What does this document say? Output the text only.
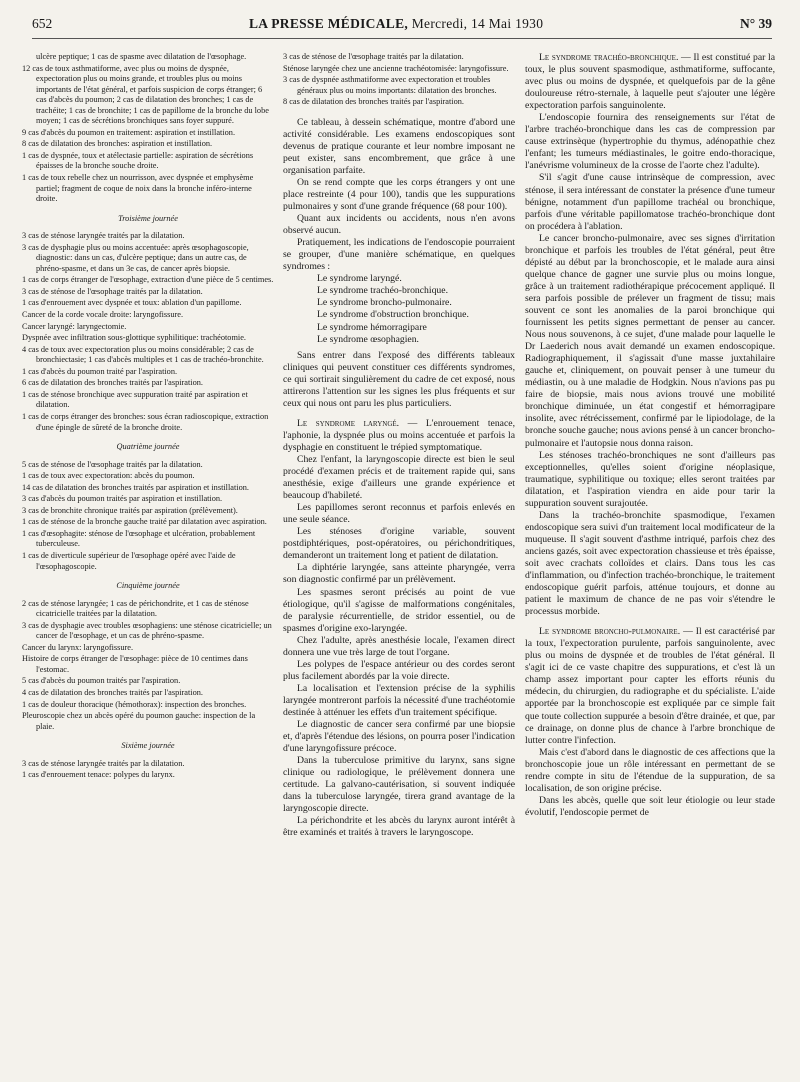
652	LA PRESSE MÉDICALE, Mercredi, 14 Mai 1930	N° 39
ulcère peptique; 1 cas de spasme avec dilatation de l'œsophage.
12 cas de toux asthmatiforme, avec plus ou moins de dyspnée, expectoration plus ou moins grande, et troubles plus ou moins importants de l'état général, et parfois suspicion de corps étranger; 6 cas d'abcès du poumon; 2 cas de dilatation des bronches; 1 cas de trachéite; 1 cas de bronchite; 1 cas de papillome de la bronche du lobe moyen; 1 cas de sécrétions bronchiques sans foyer suppuré.
9 cas d'abcès du poumon en traitement: aspiration et instillation.
8 cas de dilatation des bronches: aspiration et instillation.
1 cas de dyspnée, toux et atélectasie partielle: aspiration de sécrétions épaisses de la bronche souche droite.
1 cas de toux rebelle chez un nourrisson, avec dyspnée et emphysème partiel; fragment de coque de noix dans la bronche inféro-interne droite.
Troisième journée
3 cas de sténose laryngée traités par la dilatation.
3 cas de dysphagie plus ou moins accentuée: après œsophagoscopie, diagnostic: dans un cas, d'ulcère peptique; dans un autre cas, de phréno-spasme, et dans un 3e cas, de cancer après biopsie.
1 cas de corps étranger de l'œsophage, extraction d'une pièce de 5 centimes.
3 cas de sténose de l'œsophage traités par la dilatation.
1 cas d'enrouement avec dyspnée et toux: ablation d'un papillome.
Cancer de la corde vocale droite: laryngofissure.
Cancer laryngé: laryngectomie.
Dyspnée avec infiltration sous-glottique syphilitique: trachéotomie.
4 cas de toux avec expectoration plus ou moins considérable; 2 cas de bronchiectasie; 1 cas d'abcès multiples et 1 cas de trachéo-bronchite.
1 cas d'abcès du poumon traité par l'aspiration.
6 cas de dilatation des bronches traités par l'aspiration.
1 cas de sténose bronchique avec suppuration traité par aspiration et dilatation.
1 cas de corps étranger des bronches: sous écran radioscopique, extraction d'une épingle de sûreté de la bronche droite.
Quatrième journée
5 cas de sténose de l'œsophage traités par la dilatation.
1 cas de toux avec expectoration: abcès du poumon.
14 cas de dilatation des bronches traités par aspiration et instillation.
3 cas d'abcès du poumon traités par aspiration et instillation.
3 cas de bronchite chronique traités par aspiration (prélèvement).
1 cas de sténose de la bronche gauche traité par dilatation avec aspiration.
1 cas d'œsophagite: sténose de l'œsophage et ulcération, probablement tuberculeuse.
1 cas de diverticule supérieur de l'œsophage opéré avec l'aide de l'œsophagoscopie.
Cinquième journée
2 cas de sténose laryngée; 1 cas de périchondrite, et 1 cas de sténose cicatricielle traitées par la dilatation.
3 cas de dysphagie avec troubles œsophagiens: une sténose cicatricielle; un cancer de l'œsophage, et un cas de phréno-spasme.
Cancer du larynx: laryngofissure.
Histoire de corps étranger de l'œsophage: pièce de 10 centimes dans l'estomac.
5 cas d'abcès du poumon traités par l'aspiration.
4 cas de dilatation des bronches traités par l'aspiration.
1 cas de douleur thoracique (hémothorax): inspection des bronches.
Pleuroscopie chez un abcès opéré du poumon gauche: inspection de la plaie.
Sixième journée
3 cas de sténose laryngée traités par la dilatation.
1 cas d'enrouement tenace: polypes du larynx.
3 cas de sténose de l'œsophage traités par la dilatation.
Sténose laryngée chez une ancienne trachéotomisée: laryngofissure.
3 cas de dyspnée asthmatiforme avec expectoration et troubles généraux plus ou moins importants: dilatation des bronches.
8 cas de dilatation des bronches traités par l'aspiration.

Ce tableau, à dessein schématique, montre d'abord une activité considérable. Les examens endoscopiques sont devenus de pratique courante et leur nombre imposant ne peut exister, sans encombrement, que grâce à une organisation parfaite.

On se rend compte que les corps étrangers y ont une place restreinte (4 pour 100), tandis que les suppurations pulmonaires y sont d'une grande fréquence (68 pour 100).

Quant aux incidents ou accidents, nous n'en avons observé aucun.

Pratiquement, les indications de l'endoscopie pourraient se grouper, d'une manière schématique, en quelques syndromes :

Le syndrome laryngé.
Le syndrome trachéo-bronchique.
Le syndrome broncho-pulmonaire.
Le syndrome d'obstruction bronchique.
Le syndrome hémorragipare
Le syndrome œsophagien.

Sans entrer dans l'exposé des différents tableaux cliniques qui peuvent constituer ces différents syndromes, ce qui sortirait singulièrement du cadre de cet exposé, nous attirerons l'attention sur les signes les plus fréquents et sur ceux qui nous ont paru les plus particuliers.

Le syndrome laryngé. — L'enrouement tenace, l'aphonie, la dyspnée plus ou moins accentuée et parfois la dysphagie en constituent le trépied symptomatique.

Chez l'enfant, la laryngoscopie directe est bien le seul procédé d'examen précis et de traitement rapide qui, sans anesthésie, exige d'ailleurs une grande expérience et beaucoup d'habileté.

Les papillomes seront reconnus et parfois enlevés en une seule séance.

Les sténoses d'origine variable, souvent postdiphtériques, post-opératoires, ou périchondritiques, demanderont un traitement long et patient de dilatation.

La diphtérie laryngée, sans atteinte pharyngée, verra son diagnostic confirmé par un prélèvement.

Les spasmes seront précisés au point de vue étiologique, qu'il s'agisse de malformations congénitales, de paralysie récurrentielle, de stridor essentiel, ou de spasmes d'origine exo-laryngée.

Chez l'adulte, après anesthésie locale, l'examen direct donnera une vue très large de tout l'organe.

Les polypes de l'espace antérieur ou des cordes seront plus facilement abordés par la voie directe.

La localisation et l'extension précise de la syphilis laryngée montreront parfois la nécessité d'une trachéotomie destinée à atténuer les effets d'un traitement spécifique.

Le diagnostic de cancer sera confirmé par une biopsie et, d'après l'étendue des lésions, on pourra poser l'indication d'une laryngofissure précoce.

Dans la tuberculose primitive du larynx, sans signe clinique ou radiologique, le prélèvement donnera une certitude. La galvano-cautérisation, si souvent indiquée dans la tuberculose laryngée, tirera grand avantage de la laryngoscopie directe.

La périchondrite et les abcès du larynx auront intérêt à être examinés et traités à travers le laryngoscope.

Le syndrome trachéo-bronchique. — Il est constitué par la toux, le plus souvent spasmodique, asthmatiforme, suffocante, avec plus ou moins de dyspnée, et quelquefois par de la gêne douloureuse rétro-sternale, à laquelle peut s'ajouter une légère expectoration parfois sanguinolente.

L'endoscopie fournira des renseignements sur l'état de l'arbre trachéo-bronchique dans les cas de compression par cause extrinsèque (hypertrophie du thymus, adénopathie chez l'enfant; les tumeurs médiastinales, le goitre endo-thoracique, l'anévrisme volumineux de la crosse de l'aorte chez l'adulte).

S'il s'agit d'une cause intrinsèque de compression, avec sténose, il sera intéressant de constater la présence d'une tumeur bénigne, notamment d'un papillome trachéal ou bronchique, parfois d'une véritable papillomatose trachéo-bronchique dont on procédera à l'ablation.

Le cancer broncho-pulmonaire, avec ses signes d'irritation bronchique et parfois les troubles de l'état général, peut être dépisté au début par la bronchoscopie, et le malade aura ainsi quelque chance de gagner une survie plus ou moins longue, grâce à un traitement radiothérapique précocement appliqué. Il sera parfois possible de prélever un fragment de tissu; mais souvent ce sont les anomalies de la paroi bronchique qui fournissent les petits signes permettant de penser au cancer. Nous nous souvenons, à ce sujet, d'une malade pour laquelle le Dr Laederich nous avait demandé un examen endoscopique. Radiographiquement, il s'agissait d'une masse juxtahilaire gauche et, cliniquement, on pouvait penser à une tumeur du médiastin, ou à une maladie de Hodgkin. Nous n'avions pas pu faire de biopsie, mais nous avions trouvé une mobilité bronchique diminuée, un état congestif et hémorragipare insolite, avec rétrécissement, confirmé par le lipiodolage, de la bronche souche gauche; nous avions pensé à un cancer broncho-pulmonaire et l'autopsie nous donna raison.

Les sténoses trachéo-bronchiques ne sont d'ailleurs pas exceptionnelles, qu'elles soient d'origine néoplasique, traumatique, syphilitique ou toxique; elles seront traitées par dilatation, et l'aspiration viendra en aide pour tarir la suppuration souvent surajoutée.

Dans la trachéo-bronchite spasmodique, l'examen endoscopique sera suivi d'un traitement local modificateur de la muqueuse. Il s'agit souvent d'asthme intriqué, parfois chez des anciens gazés, soit avec expectoration chassieuse et très épaisse, soit avec crachats colloïdes et clairs. Dans tous les cas d'inflammation, ou d'infection trachéo-bronchique, le traitement endoscopique guérit parfois, atténue toujours, et donne au patient le maximum de chance de ne pas voir s'étendre le processus morbide.

Le syndrome broncho-pulmonaire. — Il est caractérisé par la toux, l'expectoration purulente, parfois sanguinolente, avec plus ou moins de dyspnée et de troubles de l'état général. Il s'agit ici de ce vaste chapitre des suppurations, et c'est là un champ assez important pour capter les efforts réunis du médecin, du chirurgien, du radiographe et du spécialiste. L'aide apportée par la bronchoscopie est expliquée par ce simple fait que toute collection suppurée a besoin d'être drainée, et que, par ce drainage, on donne plus de chance à l'arbre bronchique de lutter contre l'infection.

Mais c'est d'abord dans le diagnostic de ces affections que la bronchoscopie joue un rôle intéressant en permettant de se rendre compte in situ de l'étendue de la suppuration, de sa localisation, de son origine précise.

Dans les abcès, quelle que soit leur étiologie ou leur stade évolutif, l'endoscopie permet de
